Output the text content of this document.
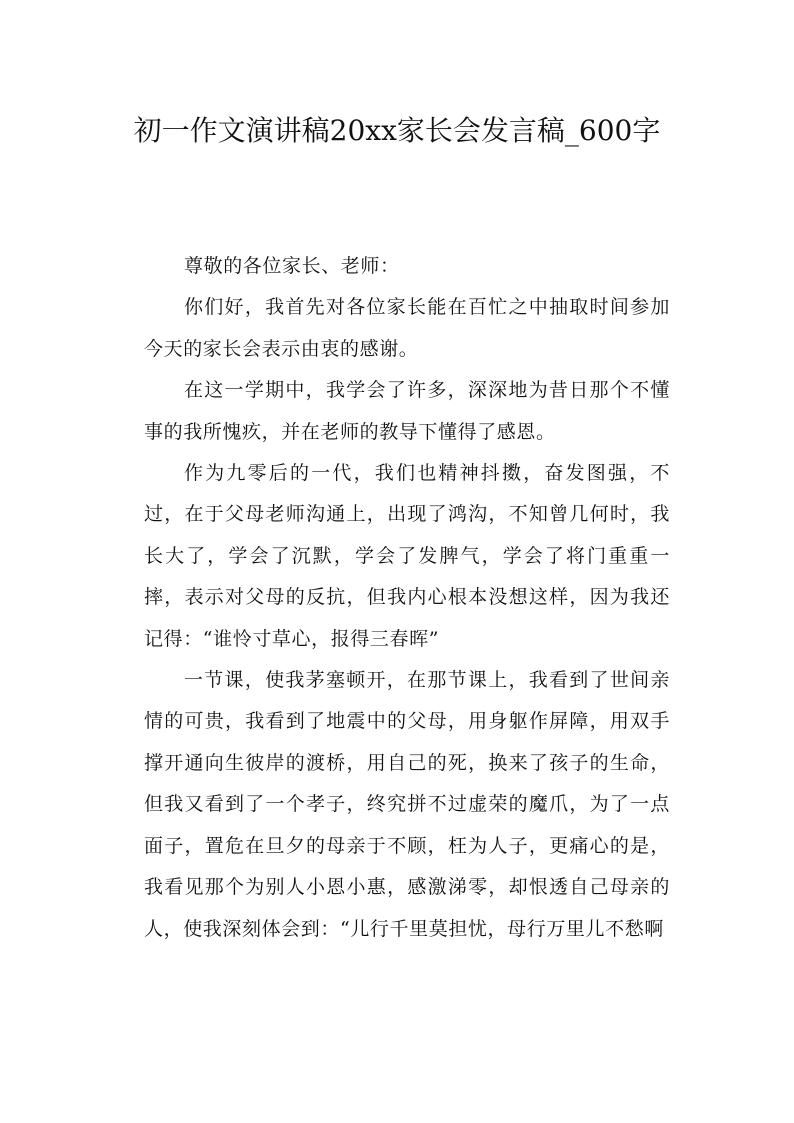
初一作文演讲稿20xx家长会发言稿_600字

尊敬的各位家长、老师：

你们好，我首先对各位家长能在百忙之中抽取时间参加今天的家长会表示由衷的感谢。

在这一学期中，我学会了许多，深深地为昔日那个不懂事的我所愧疚，并在老师的教导下懂得了感恩。

作为九零后的一代，我们也精神抖擞，奋发图强，不过，在于父母老师沟通上，出现了鸿沟，不知曾几何时，我长大了，学会了沉默，学会了发脾气，学会了将门重重一摔，表示对父母的反抗，但我内心根本没想这样，因为我还记得：“谁怜寸草心，报得三春晖”

一节课，使我茅塞顿开，在那节课上，我看到了世间亲情的可贵，我看到了地震中的父母，用身躯作屏障，用双手撑开通向生彼岸的渡桥，用自己的死，换来了孩子的生命，但我又看到了一个孝子，终究拼不过虚荣的魔爪，为了一点面子，置危在旦夕的母亲于不顾，枉为人子，更痛心的是，我看见那个为别人小恩小惠，感激涕零，却恨透自己母亲的人，使我深刻体会到：“儿行千里莫担忧，母行万里儿不愁啊
